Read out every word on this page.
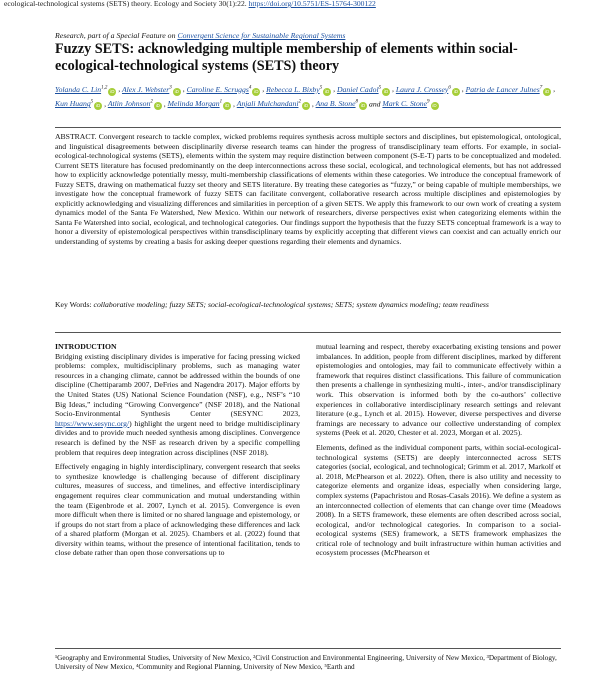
ecological-technological systems (SETS) theory. Ecology and Society 30(1):22. https://doi.org/10.5751/ES-15764-300122
Research, part of a Special Feature on Convergent Science for Sustainable Regional Systems
Fuzzy SETS: acknowledging multiple membership of elements within social-ecological-technological systems (SETS) theory
Yolanda C. Lin$^{1,2}$iD , Alex J. Webster$^3$iD , Caroline E. Scruggs$^4$iD , Rebecca L. Bixby$^5$iD , Daniel Cadol$^5$iD , Laura J. Crossey$^6$iD , Patria de Lancer Julnes$^7$iD , Kun Huang$^5$iD , Atlin Johnson$^2$iD , Melinda Morgan$^1$iD , Anjali Mulchandani$^2$iD , Ana B. Stone$^8$iD and Mark C. Stone$^9$iD
ABSTRACT. Convergent research to tackle complex, wicked problems requires synthesis across multiple sectors and disciplines, but epistemological, ontological, and linguistical disagreements between disciplinarily diverse research teams can hinder the progress of transdisciplinary team efforts. For example, in social-ecological-technological systems (SETS), elements within the system may require distinction between component (S-E-T) parts to be conceptualized and modeled. Current SETS literature has focused predominantly on the deep interconnections across these social, ecological, and technological elements, but has not addressed how to explicitly acknowledge potentially messy, multi-membership classifications of elements within these categories. We introduce the conceptual framework of Fuzzy SETS, drawing on mathematical fuzzy set theory and SETS literature. By treating these categories as “fuzzy,” or being capable of multiple memberships, we investigate how the conceptual framework of fuzzy SETS can facilitate convergent, collaborative research across multiple disciplines and epistemologies by explicitly acknowledging and visualizing differences and similarities in perception of a given SETS. We apply this framework to our own work of creating a system dynamics model of the Santa Fe Watershed, New Mexico. Within our network of researchers, diverse perspectives exist when categorizing elements within the Santa Fe Watershed into social, ecological, and technological categories. Our findings support the hypothesis that the fuzzy SETS conceptual framework is a way to honor a diversity of epistemological perspectives within transdisciplinary teams by explicitly accepting that different views can coexist and can actually enrich our understanding of systems by creating a basis for asking deeper questions regarding their elements and dynamics.
Key Words: collaborative modeling; fuzzy SETS; social-ecological-technological systems; SETS; system dynamics modeling; team readiness
INTRODUCTION

Bridging existing disciplinary divides is imperative for facing pressing wicked problems: complex, multidisciplinary problems, such as managing water resources in a changing climate, cannot be addressed within the bounds of one discipline (Chettiparamb 2007, DeFries and Nagendra 2017). Major efforts by the United States (US) National Science Foundation (NSF), e.g., NSF’s “10 Big Ideas,” including “Growing Convergence” (NSF 2018), and the National Socio-Environmental Synthesis Center (SESYNC 2023, https://www.sesync.org/) highlight the urgent need to bridge multidisciplinary divides and to provide much needed synthesis among disciplines. Convergence research is defined by the NSF as research driven by a specific compelling problem that requires deep integration across disciplines (NSF 2018).

Effectively engaging in highly interdisciplinary, convergent research that seeks to synthesize knowledge is challenging because of different disciplinary cultures, measures of success, and timelines, and effective interdisciplinary engagement requires clear communication and mutual understanding within the team (Eigenbrode et al. 2007, Lynch et al. 2015). Convergence is even more difficult when there is limited or no shared language and epistemology, or if groups do not start from a place of acknowledging these differences and lack of a shared platform (Morgan et al. 2025). Chambers et al. (2022) found that diversity within teams, without the presence of intentional facilitation, tends to close debate rather than open those conversations up to

mutual learning and respect, thereby exacerbating existing tensions and power imbalances. In addition, people from different disciplines, marked by different epistemologies and ontologies, may fail to communicate effectively within a framework that requires distinct classifications. This failure of communication then presents a challenge in synthesizing multi-, inter-, and/or transdisciplinary work. This observation is informed both by the co-authors’ collective experiences in collaborative interdisciplinary research settings and relevant literature (e.g., Lynch et al. 2015). However, diverse perspectives and diverse framings are necessary to advance our collective understanding of complex systems (Peek et al. 2020, Chester et al. 2023, Morgan et al. 2025).

Elements, defined as the individual component parts, within social-ecological-technological systems (SETS) are deeply interconnected across SETS categories (social, ecological, and technological; Grimm et al. 2017, Markolf et al. 2018, McPhearson et al. 2022). Often, there is also utility and necessity to categorize elements and organize ideas, especially when considering large, complex systems (Papachristou and Rosas-Casals 2016). We define a system as an interconnected collection of elements that can change over time (Meadows 2008). In a SETS framework, these elements are often described across social, ecological, and/or technological categories. In comparison to a social-ecological systems (SES) framework, a SETS framework emphasizes the critical role of technology and built infrastructure within human activities and ecosystem processes (McPhearson et

¹Geography and Environmental Studies, University of New Mexico, ²Civil Construction and Environmental Engineering, University of New Mexico, ³Department of Biology, University of New Mexico, ⁴Community and Regional Planning, University of New Mexico, ⁵Earth and
